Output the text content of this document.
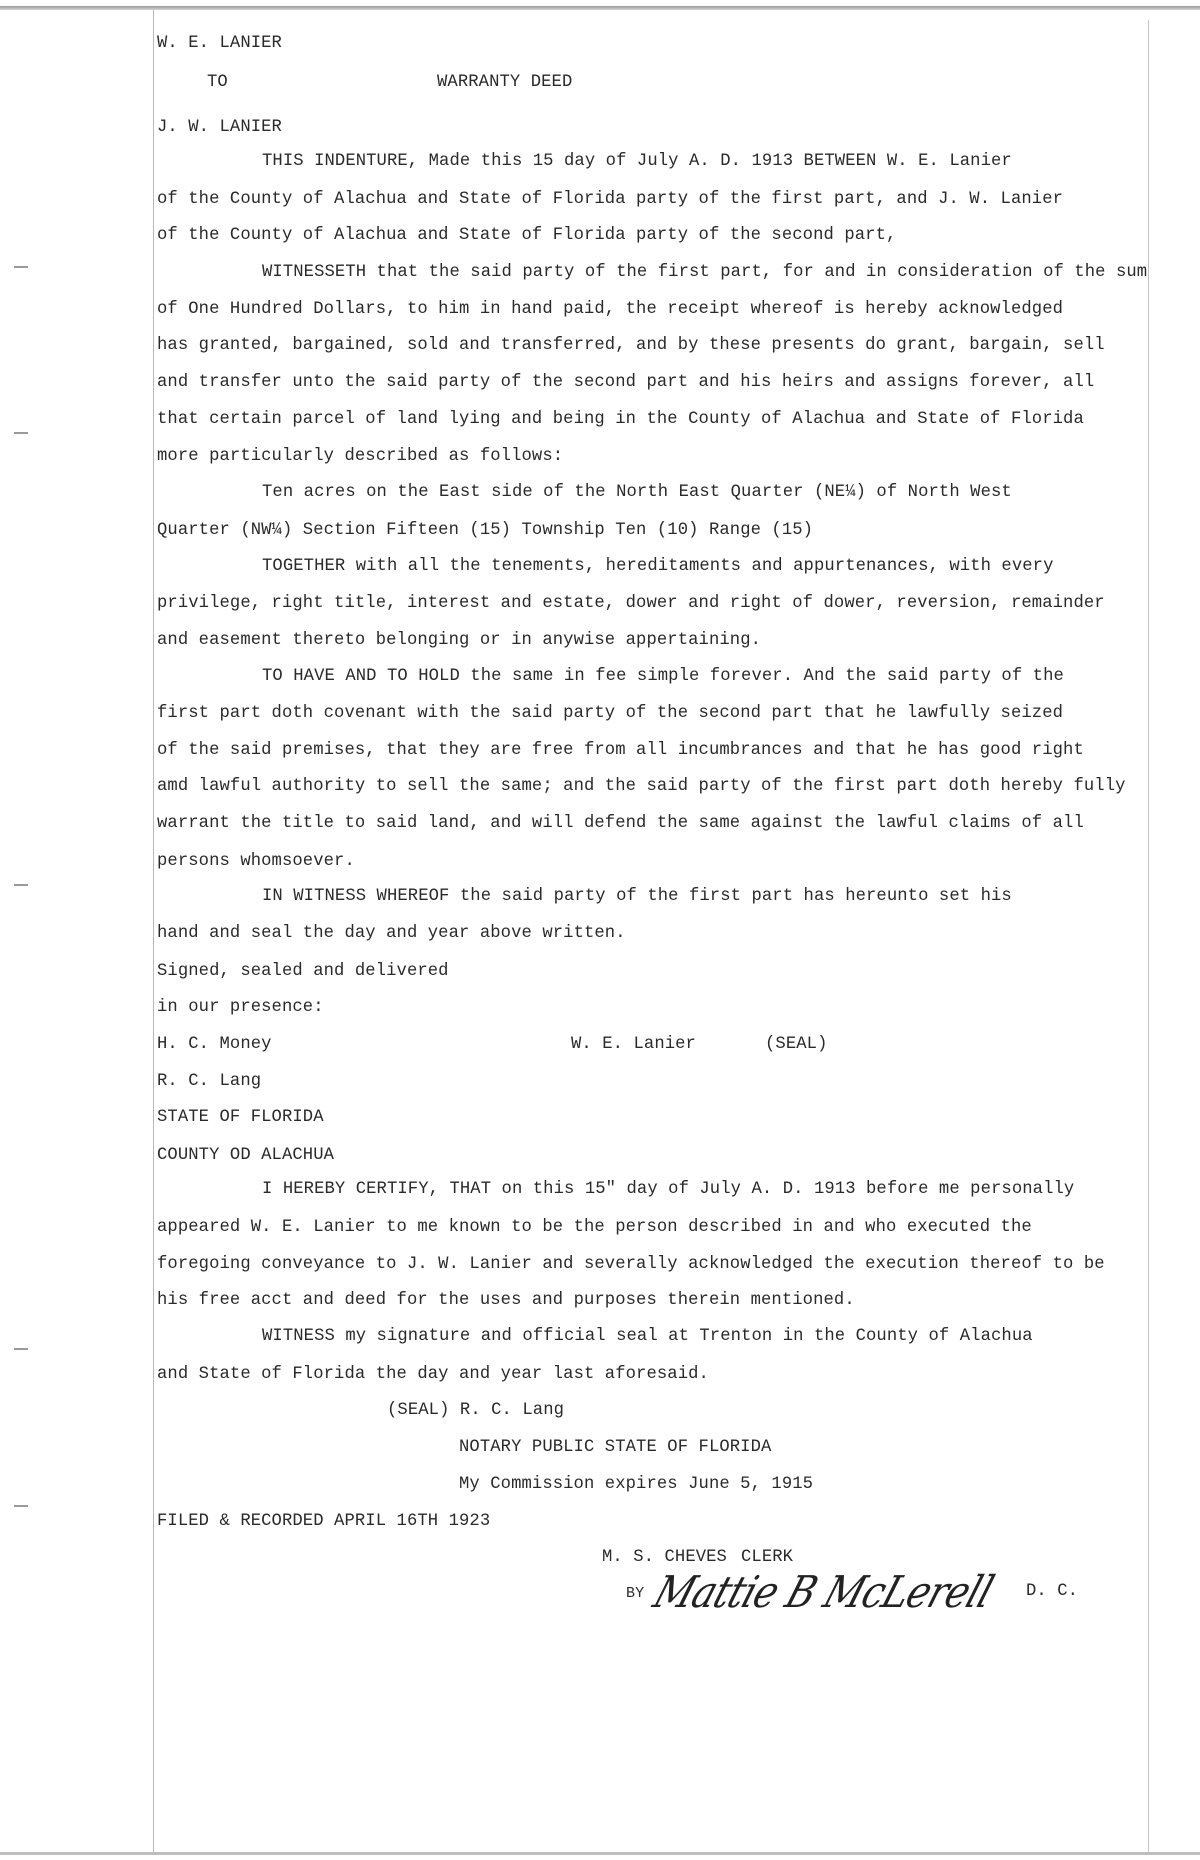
W. E. LANIER
TO	WARRANTY DEED
J. W. LANIER
THIS INDENTURE, Made this 15 day of July A. D. 1913 BETWEEN W. E. Lanier
of the County of Alachua and State of Florida party of the first part, and J. W. Lanier
of the County of Alachua and State of Florida party of the second part,
WITNESSETH that the said party of the first part, for and in consideration of the sum
of One Hundred Dollars, to him in hand paid, the receipt whereof is hereby acknowledged
has granted, bargained, sold and transferred, and by these presents do grant, bargain, sell
and transfer unto the said party of the second part and his heirs and assigns forever, all
that certain parcel of land lying and being in the County of Alachua and State of Florida
more particularly described as follows:
Ten acres on the East side of the North East Quarter (NE¼) of North West
Quarter (NW¼) Section Fifteen (15) Township Ten (10) Range (15)
TOGETHER with all the tenements, hereditaments and appurtenances, with every
privilege, right title, interest and estate, dower and right of dower, reversion, remainder
and easement thereto belonging or in anywise appertaining.
TO HAVE AND TO HOLD the same in fee simple forever. And the said party of the
first part doth covenant with the said party of the second part that he lawfully seized
of the said premises, that they are free from all incumbrances and that he has good right
amd lawful authority to sell the same; and the said party of the first part doth hereby fully
warrant the title to said land, and will defend the same against the lawful claims of all
persons whomsoever.
IN WITNESS WHEREOF the said party of the first part has hereunto set his
hand and seal the day and year above written.
Signed, sealed and delivered
in our presence:
H. C. Money	W. E. Lanier	(SEAL)
R. C. Lang
STATE OF FLORIDA
COUNTY OD ALACHUA
I HEREBY CERTIFY, THAT on this 15" day of July A. D. 1913 before me personally
appeared W. E. Lanier to me known to be the person described in and who executed the
foregoing conveyance to J. W. Lanier and severally acknowledged the execution thereof to be
his free acct and deed for the uses and purposes therein mentioned.
WITNESS my signature and official seal at Trenton in the County of Alachua
and State of Florida the day and year last aforesaid.
(SEAL) R. C. Lang
NOTARY PUBLIC STATE OF FLORIDA
My Commission expires June 5, 1915
FILED & RECORDED APRIL 16TH 1923
M. S. CHEVES CLERK
BY Mattie B McLerell D. C.
